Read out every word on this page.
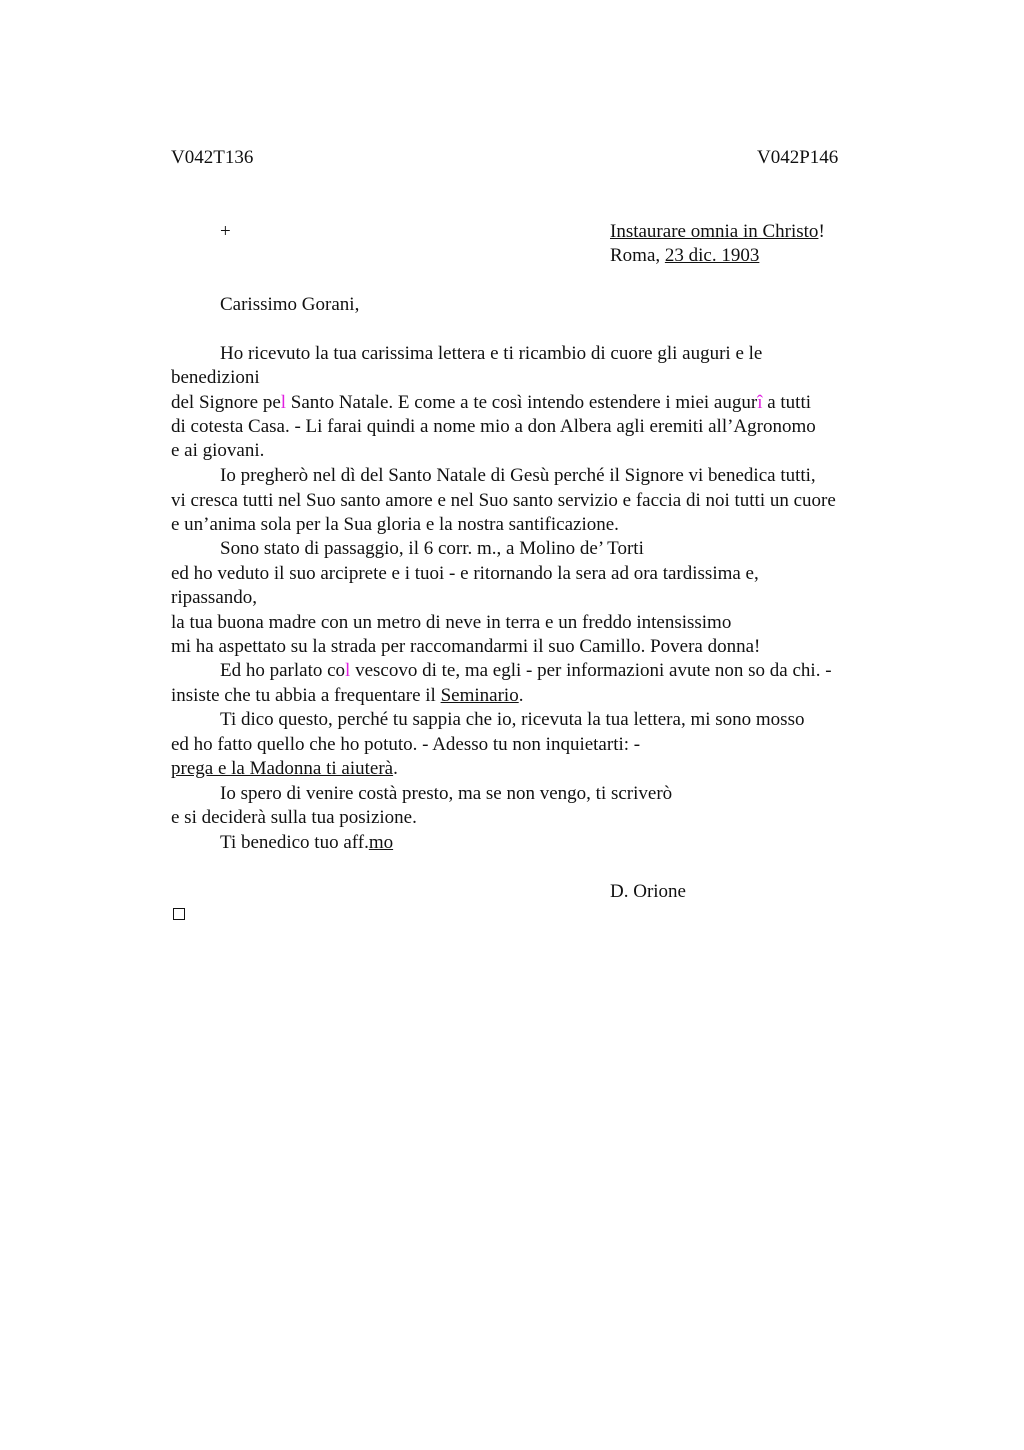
V042T136	V042P146
+	Instaurare omnia in Christo!
Roma, 23 dic. 1903
Carissimo Gorani,
Ho ricevuto la tua carissima lettera e ti ricambio di cuore gli auguri e le
benedizioni
del Signore pel Santo Natale. E come a te così intendo estendere i miei augurî a tutti
di cotesta Casa. - Li farai quindi a nome mio a don Albera agli eremiti all’Agronomo
e ai giovani.
Io pregherò nel dì del Santo Natale di Gesù perché il Signore vi benedica tutti,
vi cresca tutti nel Suo santo amore e nel Suo santo servizio e faccia di noi tutti un cuore
e un’anima sola per la Sua gloria e la nostra santificazione.
Sono stato di passaggio, il 6 corr. m., a Molino de’ Torti
ed ho veduto il suo arciprete e i tuoi - e ritornando la sera ad ora tardissima e,
ripassando,
la tua buona madre con un metro di neve in terra e un freddo intensissimo
mi ha aspettato su la strada per raccomandarmi il suo Camillo. Povera donna!
Ed ho parlato col vescovo di te, ma egli - per informazioni avute non so da chi. -
insiste che tu abbia a frequentare il Seminario.
Ti dico questo, perché tu sappia che io, ricevuta la tua lettera, mi sono mosso
ed ho fatto quello che ho potuto. - Adesso tu non inquietarti: -
prega e la Madonna ti aiuterà.
Io spero di venire costà presto, ma se non vengo, ti scriverò
e si deciderà sulla tua posizione.
Ti benedico tuo aff.mo
D. Orione
